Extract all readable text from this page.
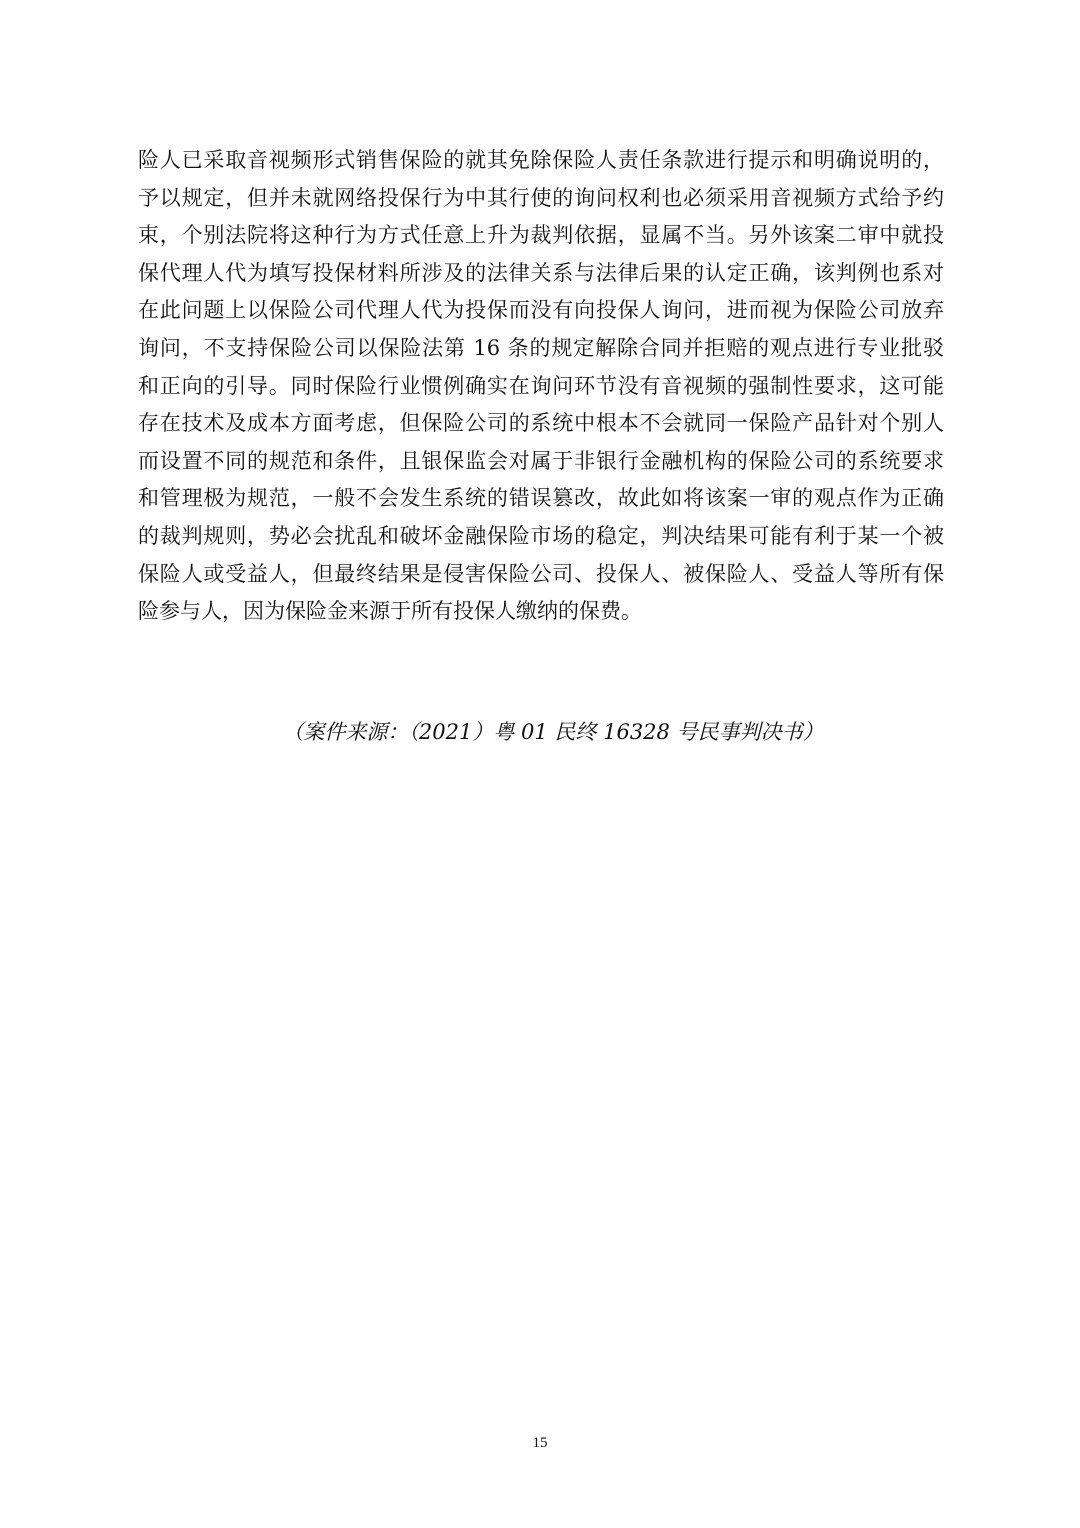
险人已采取音视频形式销售保险的就其免除保险人责任条款进行提示和明确说明的，
予以规定，但并未就网络投保行为中其行使的询问权利也必须采用音视频方式给予约
束，个别法院将这种行为方式任意上升为裁判依据，显属不当。另外该案二审中就投
保代理人代为填写投保材料所涉及的法律关系与法律后果的认定正确，该判例也系对
在此问题上以保险公司代理人代为投保而没有向投保人询问，进而视为保险公司放弃
询问，不支持保险公司以保险法第 16 条的规定解除合同并拒赔的观点进行专业批驳
和正向的引导。同时保险行业惯例确实在询问环节没有音视频的强制性要求，这可能
存在技术及成本方面考虑，但保险公司的系统中根本不会就同一保险产品针对个别人
而设置不同的规范和条件，且银保监会对属于非银行金融机构的保险公司的系统要求
和管理极为规范，一般不会发生系统的错误篡改，故此如将该案一审的观点作为正确
的裁判规则，势必会扰乱和破坏金融保险市场的稳定，判决结果可能有利于某一个被
保险人或受益人，但最终结果是侵害保险公司、投保人、被保险人、受益人等所有保
险参与人，因为保险金来源于所有投保人缴纳的保费。
（案件来源：（2021）粤 01 民终 16328 号民事判决书）
15
